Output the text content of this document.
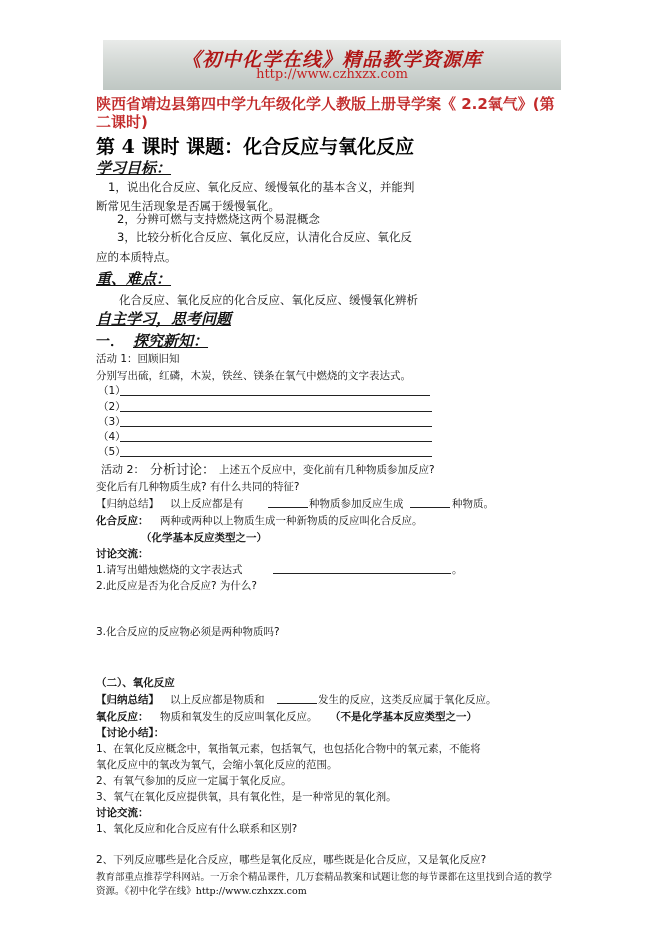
《初中化学在线》精品教学资源库
http://www.czhxzx.com
陕西省靖边县第四中学九年级化学人教版上册导学案《 2.2氧气》(第
二课时)
第 4 课时 课题：化合反应与氧化反应
学习目标：
1，说出化合反应、氧化反应、缓慢氧化的基本含义，并能判
断常见生活现象是否属于缓慢氧化。
2，分辨可燃与支持燃烧这两个易混概念
3，比较分析化合反应、氧化反应，认清化合反应、氧化反
应的本质特点。
重、难点：
化合反应、氧化反应的化合反应、氧化反应、缓慢氧化辨析
自主学习，思考问题
一． 探究新知：
活动 1：回顾旧知
分别写出硫，红磷，木炭，铁丝、镁条在氧气中燃烧的文字表达式。
（1）
（2）
（3）
（4）
（5）
活动 2： 分析讨论： 上述五个反应中，变化前有几种物质参加反应?
变化后有几种物质生成? 有什么共同的特征?
【归纳总结】 以上反应都是有	种物质参加反应生成	种物质。
化合反应： 两种或两种以上物质生成一种新物质的反应叫化合反应。
（化学基本反应类型之一）
讨论交流：
1.请写出蜡烛燃烧的文字表达式	。
2.此反应是否为化合反应? 为什么?
3.化合反应的反应物必须是两种物质吗?
（二）、氧化反应
【归纳总结】 以上反应都是物质和	发生的反应，这类反应属于氧化反应。
氧化反应： 物质和氧发生的反应叫氧化反应。 （不是化学基本反应类型之一）
【讨论小结】：
1、在氧化反应概念中，氧指氧元素，包括氧气，也包括化合物中的氧元素，不能将
氧化反应中的氧改为氧气，会缩小氧化反应的范围。
2、有氧气参加的反应一定属于氧化反应。
3、氧气在氧化反应提供氧，具有氧化性，是一种常见的氧化剂。
讨论交流：
1、氧化反应和化合反应有什么联系和区别?
2、下列反应哪些是化合反应，哪些是氧化反应，哪些既是化合反应，又是氧化反应?
教育部重点推荐学科网站。一万余个精品课件，几万套精品教案和试题让您的每节课都在这里找到合适的教学
资源。《初中化学在线》http://www.czhxzx.com
